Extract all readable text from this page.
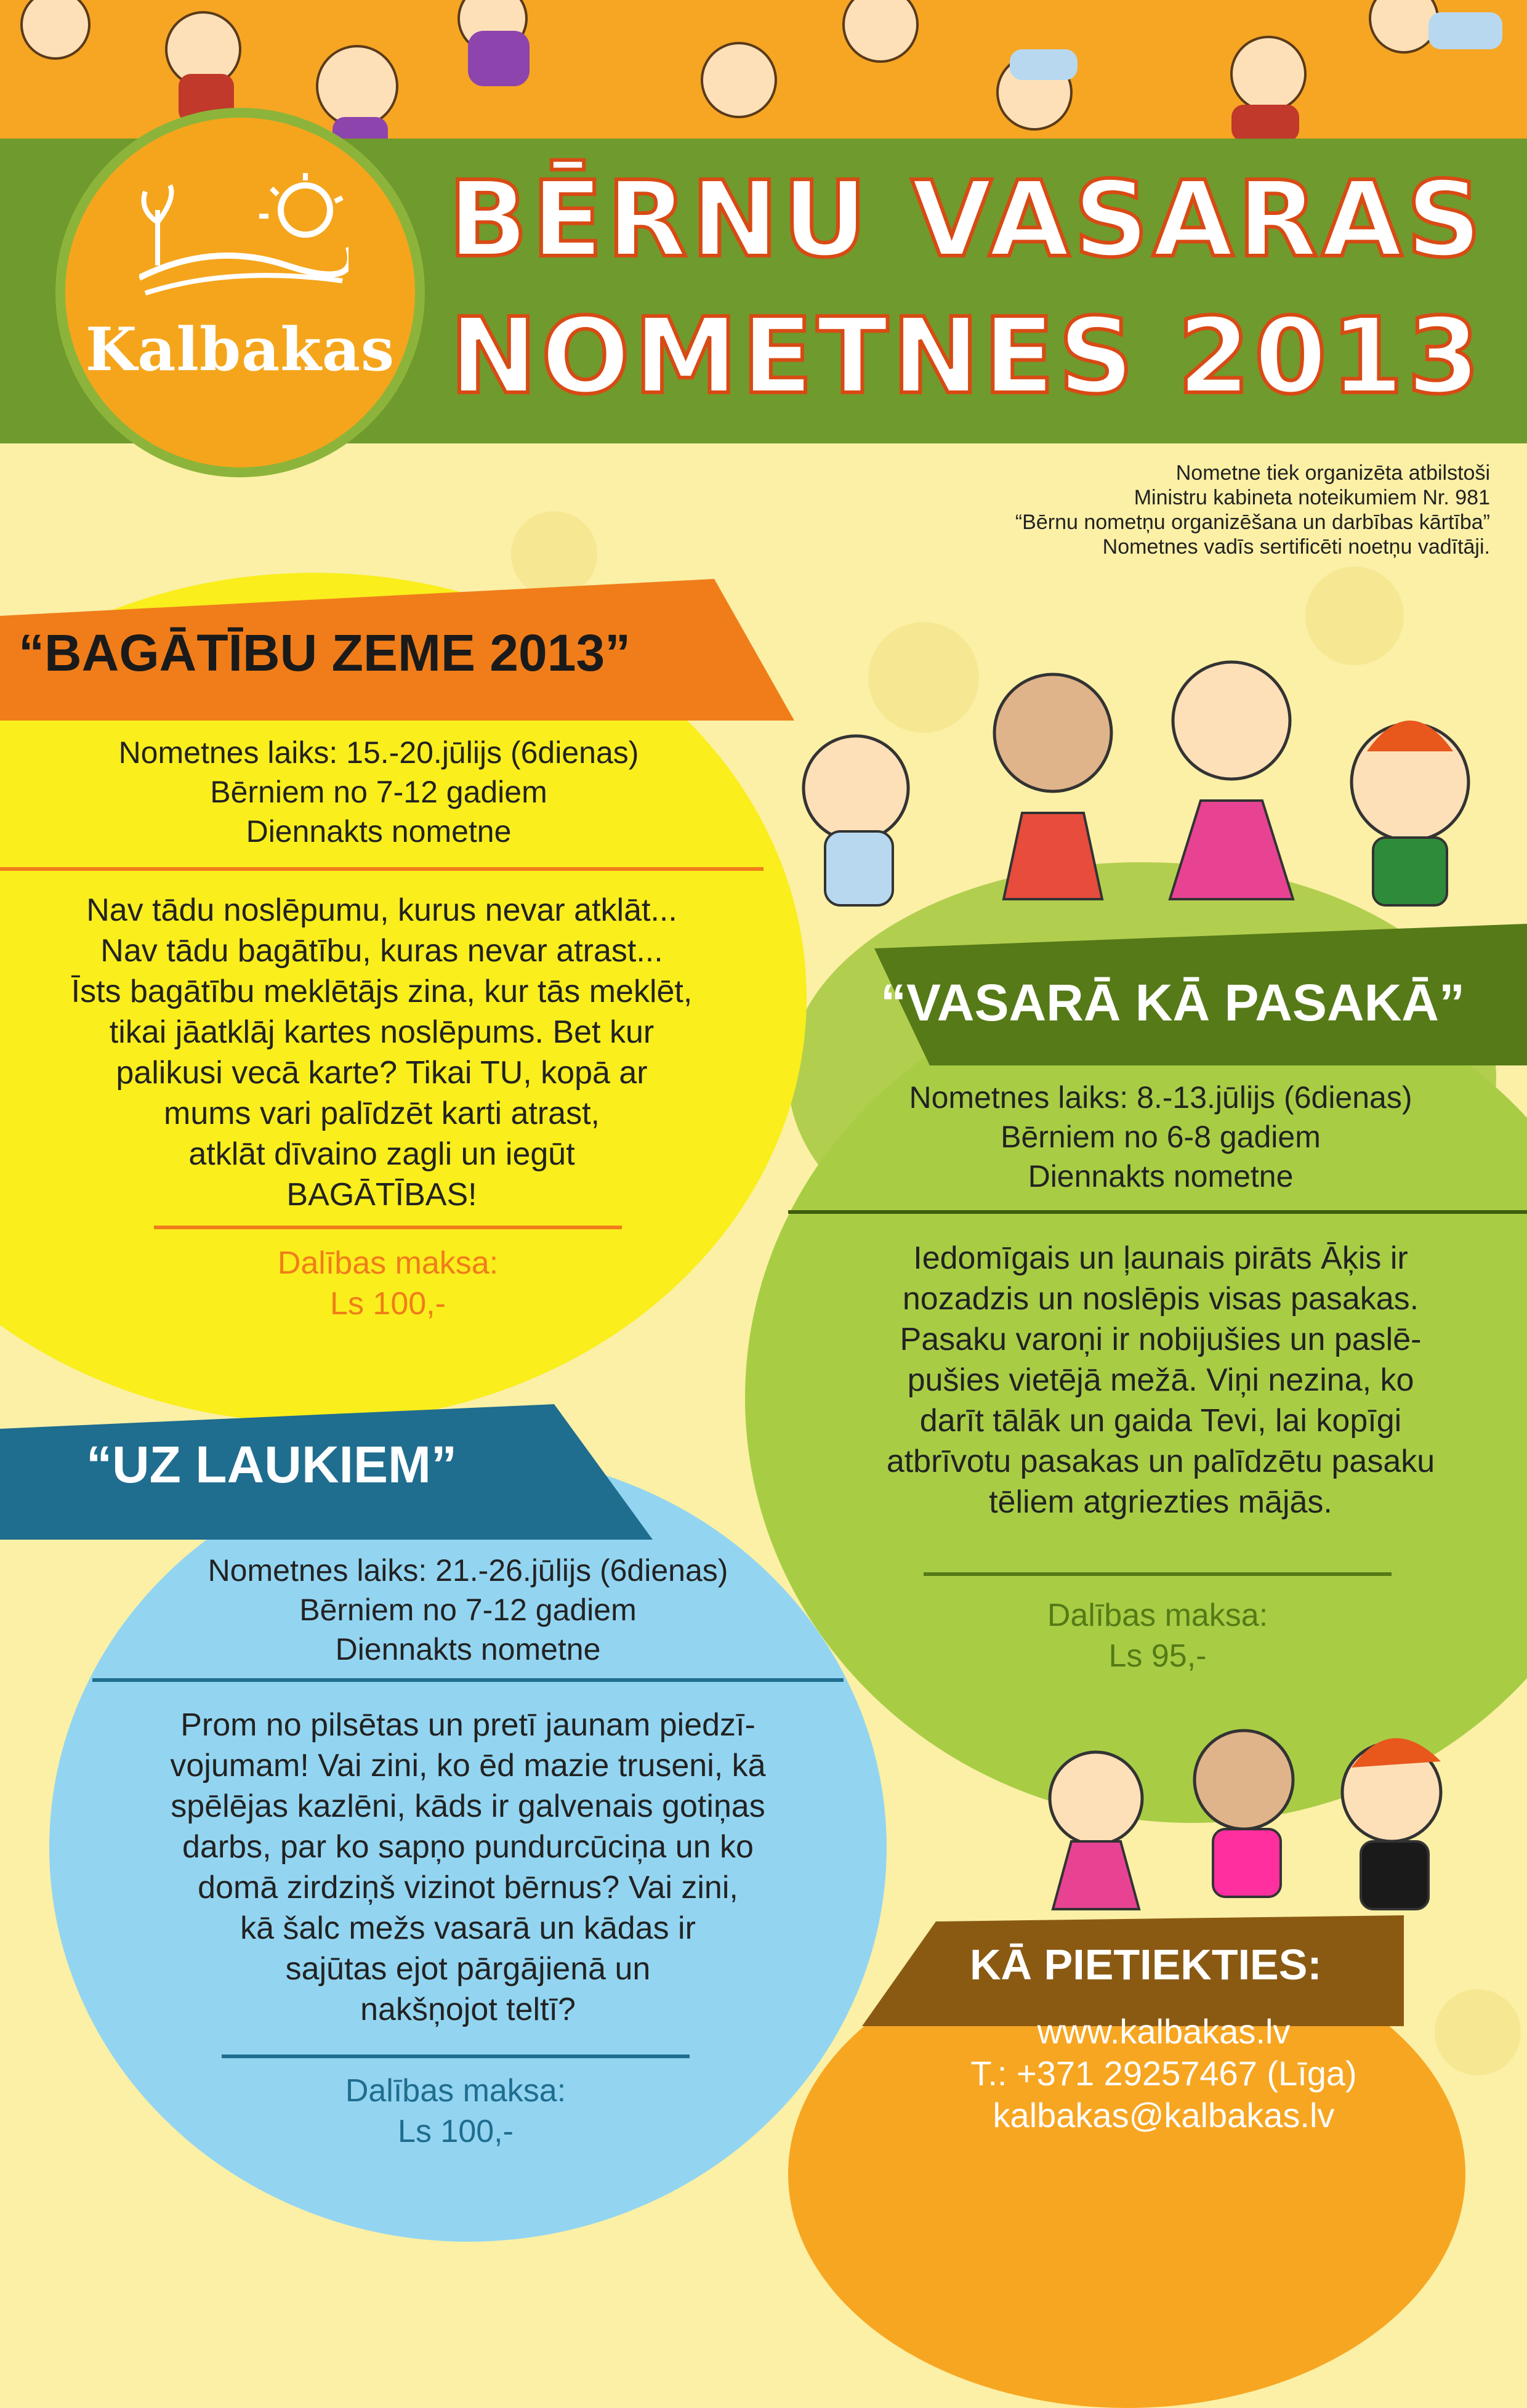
Kalbakas
BĒRNU VASARAS
NOMETNES 2013
Nometne tiek organizēta atbilstoši
Ministru kabineta noteikumiem Nr. 981
“Bērnu nometņu organizēšana un darbības kārtība”
Nometnes vadīs sertificēti noetņu vadītāji.
“BAGĀTĪBU ZEME 2013”
Nometnes laiks: 15.-20.jūlijs (6dienas)
Bērniem no 7-12 gadiem
Diennakts nometne
Nav tādu noslēpumu, kurus nevar atklāt...
Nav tādu bagātību, kuras nevar atrast...
Īsts bagātību meklētājs zina, kur tās meklēt,
tikai jāatklāj kartes noslēpums. Bet kur
palikusi vecā karte? Tikai TU, kopā ar
mums vari palīdzēt karti atrast,
atklāt dīvaino zagli un iegūt
BAGĀTĪBAS!
Dalības maksa:
Ls 100,-
“VASARĀ KĀ PASAKĀ”
Nometnes laiks: 8.-13.jūlijs (6dienas)
Bērniem no 6-8 gadiem
Diennakts nometne
Iedomīgais un ļaunais pirāts Āķis ir
nozadzis un noslēpis visas pasakas.
Pasaku varoņi ir nobijušies un paslē-
pušies vietējā mežā. Viņi nezina, ko
darīt tālāk un gaida Tevi, lai kopīgi
atbrīvotu pasakas un palīdzētu pasaku
tēliem atgriezties mājās.
Dalības maksa:
Ls 95,-
“UZ LAUKIEM”
Nometnes laiks: 21.-26.jūlijs (6dienas)
Bērniem no 7-12 gadiem
Diennakts nometne
Prom no pilsētas un pretī jaunam piedzī-
vojumam! Vai zini, ko ēd mazie truseni, kā
spēlējas kazlēni, kāds ir galvenais gotiņas
darbs, par ko sapņo pundurcūciņa un ko
domā zirdziņš vizinot bērnus? Vai zini,
kā šalc mežs vasarā un kādas ir
sajūtas ejot pārgājienā un
nakšņojot teltī?
Dalības maksa:
Ls 100,-
KĀ PIETIEKTIES:
www.kalbakas.lv
T.: +371 29257467 (Līga)
kalbakas@kalbakas.lv
